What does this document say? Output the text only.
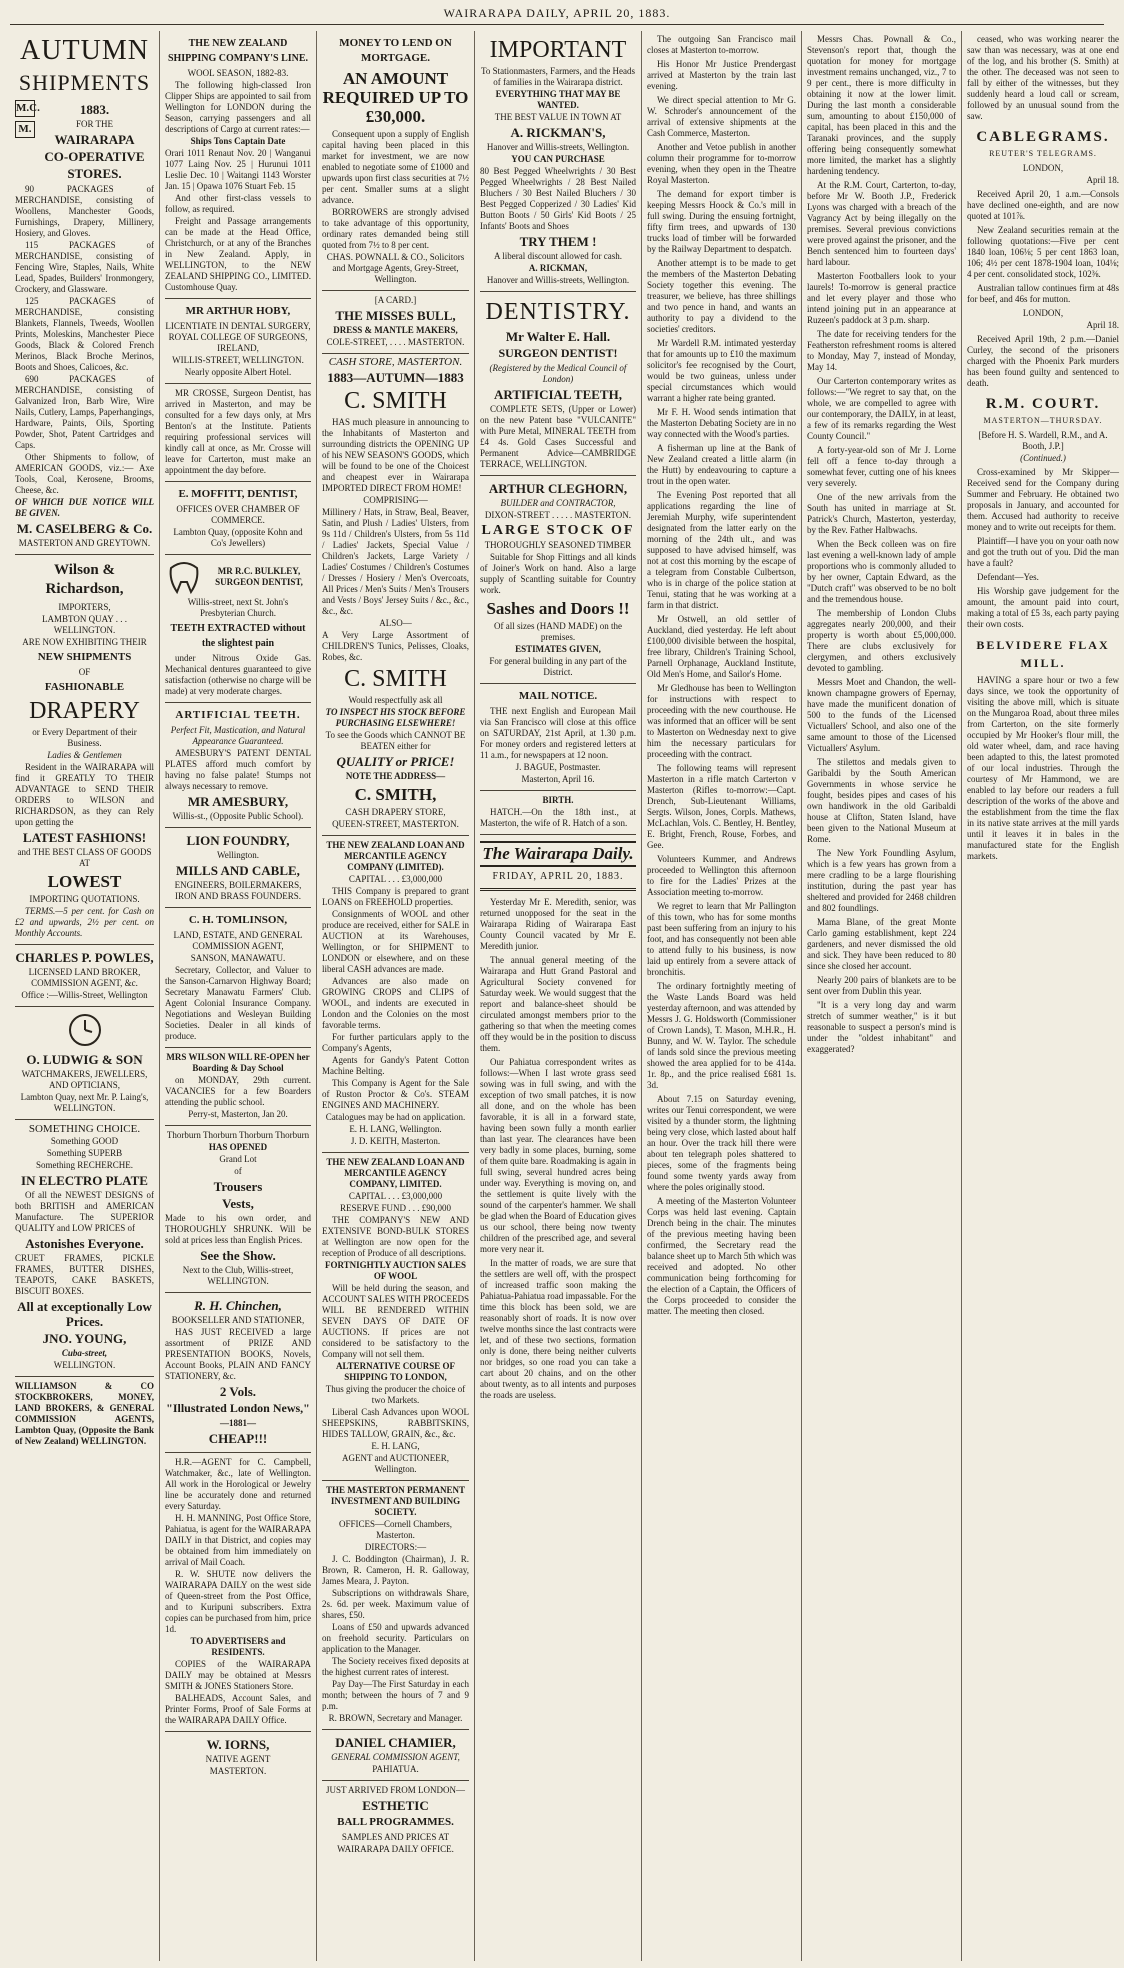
WAIRARAPA DAILY, APRIL 20, 1883.
AUTUMN
SHIPMENTS
M.C.
M.
1883.
FOR THE
WAIRARAPA
CO-OPERATIVE
STORES.

90 PACKAGES of MERCHANDISE, consisting of Woollens, Manchester Goods, Furnishings, Drapery, Millinery, Hosiery, and Gloves.

115 PACKAGES of MERCHANDISE, consisting of Fencing Wire, Staples, Nails, White Lead, Spades, Builders' Ironmongery, Crockery, and Glassware.

125 PACKAGES of MERCHANDISE, consisting Blankets, Flannels, Tweeds, Woollen Prints, Moleskins, Manchester Piece Goods, Black & Colored French Merinos, Black Broche Merinos, Boots and Shoes, Calicoes, &c.

690 PACKAGES of MERCHANDISE, consisting of Galvanized Iron, Barb Wire, Wire Nails, Cutlery, Lamps, Paperhangings, Hardware, Paints, Oils, Sporting Powder, Shot, Patent Cartridges and Caps.

Other Shipments to follow, of AMERICAN GOODS, viz.:— Axe Tools, Coal, Kerosene, Brooms, Cheese, &c.

OF WHICH DUE NOTICE WILL BE GIVEN.

M. CASELBERG & Co.
MASTERTON AND GREYTOWN.
Wilson & Richardson,
IMPORTERS,
LAMBTON QUAY . . . WELLINGTON.
ARE NOW EXHIBITING THEIR
NEW SHIPMENTS
OF
FASHIONABLE
DRAPERY
or Every Department of their Business.
Ladies & Gentlemen

Resident in the WAIRARAPA will find it GREATLY TO THEIR ADVANTAGE to SEND THEIR ORDERS to WILSON and RICHARDSON, as they can Rely upon getting the

LATEST FASHIONS!
and THE BEST CLASS OF GOODS AT
LOWEST
IMPORTING QUOTATIONS.

TERMS.—5 per cent. for Cash on £2 and upwards, 2½ per cent. on Monthly Accounts.

CHARLES P. POWLES,
LICENSED LAND BROKER, COMMISSION AGENT, &c.
Office :—Willis-Street, Wellington
O. LUDWIG & SON
WATCHMAKERS, JEWELLERS, AND OPTICIANS,
Lambton Quay, next Mr. P. Laing's, WELLINGTON.
SOMETHING CHOICE.
Something GOOD
Something SUPERB
Something RECHERCHE.
IN ELECTRO PLATE

Of all the NEWEST DESIGNS of both BRITISH and AMERICAN Manufacture. The SUPERIOR QUALITY and LOW PRICES of

Astonishes Everyone.

CRUET FRAMES, PICKLE FRAMES, BUTTER DISHES, TEAPOTS, CAKE BASKETS, BISCUIT BOXES.

All at exceptionally Low Prices.
JNO. YOUNG,
Cuba-street,
WELLINGTON.

WILLIAMSON & CO STOCKBROKERS, MONEY, LAND BROKERS, & GENERAL COMMISSION AGENTS, Lambton Quay, (Opposite the Bank of New Zealand) WELLINGTON.

THE NEW ZEALAND SHIPPING COMPANY'S LINE.
WOOL SEASON, 1882-83.

The following high-classed Iron Clipper Ships are appointed to sail from Wellington for LONDON during the Season, carrying passengers and all descriptions of Cargo at current rates:—

Ships Tons Captain Date

Orari 1011 Renaut Nov. 20 | Wanganui 1077 Laing Nov. 25 | Hurunui 1011 Leslie Dec. 10 | Waitangi 1143 Worster Jan. 15 | Opawa 1076 Stuart Feb. 15

And other first-class vessels to follow, as required.

Freight and Passage arrangements can be made at the Head Office, Christchurch, or at any of the Branches in New Zealand. Apply, in WELLINGTON, to the NEW ZEALAND SHIPPING CO., LIMITED. Customhouse Quay.

MR ARTHUR HOBY,
LICENTIATE IN DENTAL SURGERY, ROYAL COLLEGE OF SURGEONS, IRELAND,
WILLIS-STREET, WELLINGTON.
Nearly opposite Albert Hotel.

MR CROSSE, Surgeon Dentist, has arrived in Masterton, and may be consulted for a few days only, at Mrs Benton's at the Institute. Patients requiring professional services will kindly call at once, as Mr. Crosse will leave for Carterton, must make an appointment the day before.

E. MOFFITT, DENTIST,
OFFICES OVER CHAMBER OF COMMERCE.
Lambton Quay, (opposite Kohn and Co's Jewellers)
MR R.C. BULKLEY, SURGEON DENTIST,
Willis-street, next St. John's Presbyterian Church.
TEETH EXTRACTED without the slightest pain

under Nitrous Oxide Gas. Mechanical dentures guaranteed to give satisfaction (otherwise no charge will be made) at very moderate charges.

ARTIFICIAL TEETH.
Perfect Fit, Mastication, and Natural Appearance Guaranteed.

AMESBURY'S PATENT DENTAL PLATES afford much comfort by having no false palate! Stumps not always necessary to remove.

MR AMESBURY,
Willis-st., (Opposite Public School).
LION FOUNDRY,
Wellington.
MILLS AND CABLE,
ENGINEERS, BOILERMAKERS, IRON AND BRASS FOUNDERS.
C. H. TOMLINSON,
LAND, ESTATE, AND GENERAL COMMISSION AGENT,
SANSON, MANAWATU.

Secretary, Collector, and Valuer to the Sanson-Carnarvon Highway Board; Secretary Manawatu Farmers' Club. Agent Colonial Insurance Company. Negotiations and Wesleyan Building Societies. Dealer in all kinds of produce.

MRS WILSON WILL RE-OPEN her Boarding & Day School

on MONDAY, 29th current. VACANCIES for a few Boarders attending the public school.

Perry-st, Masterton, Jan 20.
Thorburn Thorburn Thorburn Thorburn
HAS OPENED
Grand Lot
of
Trousers
Vests,

Made to his own order, and THOROUGHLY SHRUNK. Will be sold at prices less than English Prices.

See the Show.
Next to the Club, Willis-street, WELLINGTON.
R. H. Chinchen,
BOOKSELLER AND STATIONER,

HAS JUST RECEIVED a large assortment of PRIZE AND PRESENTATION BOOKS, Novels, Account Books, PLAIN AND FANCY STATIONERY, &c.

2 Vols.
"Illustrated London News,"
—1881—
CHEAP!!!

H.R.—AGENT for C. Campbell, Watchmaker, &c., late of Wellington. All work in the Horological or Jewelry line be accurately done and returned every Saturday.

H. H. MANNING, Post Office Store, Pahiatua, is agent for the WAIRARAPA DAILY in that District, and copies may be obtained from him immediately on arrival of Mail Coach.

R. W. SHUTE now delivers the WAIRARAPA DAILY on the west side of Queen-street from the Post Office, and to Kuripuni subscribers. Extra copies can be purchased from him, price 1d.

TO ADVERTISERS and RESIDENTS.

COPIES of the WAIRARAPA DAILY may be obtained at Messrs SMITH & JONES Stationers Store.

BALHEADS, Account Sales, and Printer Forms, Proof of Sale Forms at the WAIRARAPA DAILY Office.

W. IORNS,
NATIVE AGENT
MASTERTON.
MONEY TO LEND ON MORTGAGE.
AN AMOUNT REQUIRED UP TO £30,000.

Consequent upon a supply of English capital having been placed in this market for investment, we are now enabled to negotiate some of £1000 and upwards upon first class securities at 7½ per cent. Smaller sums at a slight advance.

BORROWERS are strongly advised to take advantage of this opportunity, ordinary rates demanded being still quoted from 7½ to 8 per cent.

CHAS. POWNALL & CO., Solicitors and Mortgage Agents, Grey-Street, Wellington.
[A CARD.]
THE MISSES BULL,
DRESS & MANTLE MAKERS,
COLE-STREET, . . . . MASTERTON.
CASH STORE, MASTERTON.
1883—AUTUMN—1883
C. SMITH

HAS much pleasure in announcing to the Inhabitants of Masterton and surrounding districts the OPENING UP of his NEW SEASON'S GOODS, which will be found to be one of the Choicest and cheapest ever in Wairarapa IMPORTED DIRECT FROM HOME!

COMPRISING—

Millinery / Hats, in Straw, Beal, Beaver, Satin, and Plush / Ladies' Ulsters, from 9s 11d / Children's Ulsters, from 5s 11d / Ladies' Jackets, Special Value / Children's Jackets, Large Variety / Ladies' Costumes / Children's Costumes / Dresses / Hosiery / Men's Overcoats, All Prices / Men's Suits / Men's Trousers and Vests / Boys' Jersey Suits / &c., &c., &c., &c.

ALSO—

A Very Large Assortment of CHILDREN'S Tunics, Pelisses, Cloaks, Robes, &c.

C. SMITH
Would respectfully ask all
TO INSPECT HIS STOCK BEFORE PURCHASING ELSEWHERE!
To see the Goods which CANNOT BE BEATEN either for
QUALITY or PRICE!
NOTE THE ADDRESS—
C. SMITH,
CASH DRAPERY STORE,
QUEEN-STREET, MASTERTON.
THE NEW ZEALAND LOAN AND MERCANTILE AGENCY COMPANY (LIMITED).
CAPITAL . . . £3,000,000

THIS Company is prepared to grant LOANS on FREEHOLD properties.

Consignments of WOOL and other produce are received, either for SALE in AUCTION at its Warehouses, Wellington, or for SHIPMENT to LONDON or elsewhere, and on these liberal CASH advances are made.

Advances are also made on GROWING CROPS and CLIPS of WOOL, and indents are executed in London and the Colonies on the most favorable terms.

For further particulars apply to the Company's Agents,

Agents for Gandy's Patent Cotton Machine Belting.

This Company is Agent for the Sale of Ruston Proctor & Co's. STEAM ENGINES AND MACHINERY.

Catalogues may be had on application.
E. H. LANG, Wellington.
J. D. KEITH, Masterton.
THE NEW ZEALAND LOAN AND MERCANTILE AGENCY COMPANY, LIMITED.
CAPITAL . . . £3,000,000
RESERVE FUND . . . £90,000

THE COMPANY'S NEW AND EXTENSIVE BOND-BULK STORES at Wellington are now open for the reception of Produce of all descriptions.

FORTNIGHTLY AUCTION SALES OF WOOL

Will be held during the season, and ACCOUNT SALES WITH PROCEEDS WILL BE RENDERED WITHIN SEVEN DAYS OF DATE OF AUCTIONS. If prices are not considered to be satisfactory to the Company will not sell them.

ALTERNATIVE COURSE OF SHIPPING TO LONDON,
Thus giving the producer the choice of two Markets.

Liberal Cash Advances upon WOOL SHEEPSKINS, RABBITSKINS, HIDES TALLOW, GRAIN, &c., &c.

E. H. LANG,
AGENT and AUCTIONEER, Wellington.
THE MASTERTON PERMANENT INVESTMENT AND BUILDING SOCIETY.
OFFICES—Cornell Chambers, Masterton.
DIRECTORS:—

J. C. Boddington (Chairman), J. R. Brown, R. Cameron, H. R. Galloway, James Meara, J. Payton.

Subscriptions on withdrawals Share, 2s. 6d. per week. Maximum value of shares, £50.

Loans of £50 and upwards advanced on freehold security. Particulars on application to the Manager.

The Society receives fixed deposits at the highest current rates of interest.

Pay Day—The First Saturday in each month; between the hours of 7 and 9 p.m.

R. BROWN, Secretary and Manager.
DANIEL CHAMIER,
GENERAL COMMISSION AGENT,
PAHIATUA.
JUST ARRIVED FROM LONDON—
ESTHETIC
BALL PROGRAMMES.
SAMPLES AND PRICES AT
WAIRARAPA DAILY OFFICE.
IMPORTANT
To Stationmasters, Farmers, and the Heads of families in the Wairarapa district.
EVERYTHING THAT MAY BE WANTED.
THE BEST VALUE IN TOWN AT
A. RICKMAN'S,
Hanover and Willis-streets, Wellington.
YOU CAN PURCHASE

80 Best Pegged Wheelwrights / 30 Best Pegged Wheelwrights / 28 Best Nailed Bluchers / 30 Best Nailed Bluchers / 30 Best Pegged Copperized / 30 Ladies' Kid Button Boots / 50 Girls' Kid Boots / 25 Infants' Boots and Shoes

TRY THEM !
A liberal discount allowed for cash.
A. RICKMAN,
Hanover and Willis-streets, Wellington.
DENTISTRY.
Mr Walter E. Hall.
SURGEON DENTIST!
(Registered by the Medical Council of London)
ARTIFICIAL TEETH,

COMPLETE SETS, (Upper or Lower) on the new Patent base "VULCANITE" with Pure Metal, MINERAL TEETH from £4 4s. Gold Cases Successful and Permanent Advice—CAMBRIDGE TERRACE, WELLINGTON.

ARTHUR CLEGHORN,
BUILDER and CONTRACTOR,
DIXON-STREET . . . . . MASTERTON.
LARGE STOCK OF
THOROUGHLY SEASONED TIMBER

Suitable for Shop Fittings and all kinds of Joiner's Work on hand. Also a large supply of Scantling suitable for Country work.

Sashes and Doors !!
Of all sizes (HAND MADE) on the premises.
ESTIMATES GIVEN,
For general building in any part of the District.
MAIL NOTICE.

THE next English and European Mail via San Francisco will close at this office on SATURDAY, 21st April, at 1.30 p.m. For money orders and registered letters at 11 a.m., for newspapers at 12 noon.

J. BAGUE, Postmaster.
Masterton, April 16.
BIRTH.

HATCH.—On the 18th inst., at Masterton, the wife of R. Hatch of a son.

The Wairarapa Daily.
FRIDAY, APRIL 20, 1883.

Yesterday Mr E. Meredith, senior, was returned unopposed for the seat in the Wairarapa Riding of Wairarapa East County Council vacated by Mr E. Meredith junior.

The annual general meeting of the Wairarapa and Hutt Grand Pastoral and Agricultural Society convened for Saturday week. We would suggest that the report and balance-sheet should be circulated amongst members prior to the gathering so that when the meeting comes off they would be in the position to discuss them.

Our Pahiatua correspondent writes as follows:—When I last wrote grass seed sowing was in full swing, and with the exception of two small patches, it is now all done, and on the whole has been favorable, it is all in a forward state, having been sown fully a month earlier than last year. The clearances have been very badly in some places, burning, some of them quite bare. Roadmaking is again in full swing, several hundred acres being under way. Everything is moving on, and the settlement is quite lively with the sound of the carpenter's hammer. We shall be glad when the Board of Education gives us our school, there being now twenty children of the prescribed age, and several more very near it.

In the matter of roads, we are sure that the settlers are well off, with the prospect of increased traffic soon making the Pahiatua-Pahiatua road impassable. For the time this block has been sold, we are reasonably short of roads. It is now over twelve months since the last contracts were let, and of these two sections, formation only is done, there being neither culverts nor bridges, so one road you can take a cart about 20 chains, and on the other about twenty, as to all intents and purposes the roads are useless.

The outgoing San Francisco mail closes at Masterton to-morrow.

His Honor Mr Justice Prendergast arrived at Masterton by the train last evening.

We direct special attention to Mr G. W. Schroder's announcement of the arrival of extensive shipments at the Cash Commerce, Masterton.

Another and Vetoe publish in another column their programme for to-morrow evening, when they open in the Theatre Royal Masterton.

The demand for export timber is keeping Messrs Hoock & Co.'s mill in full swing. During the ensuing fortnight, fifty firm trees, and upwards of 130 trucks load of timber will be forwarded by the Railway Department to despatch.

Another attempt is to be made to get the members of the Masterton Debating Society together this evening. The treasurer, we believe, has three shillings and two pence in hand, and wants an authority to pay a dividend to the societies' creditors.

Mr Wardell R.M. intimated yesterday that for amounts up to £10 the maximum solicitor's fee recognised by the Court, would be two guineas, unless under special circumstances which would warrant a higher rate being granted.

Mr F. H. Wood sends intimation that the Masterton Debating Society are in no way connected with the Wood's parties.

A fisherman up line at the Bank of New Zealand created a little alarm (in the Hutt) by endeavouring to capture a trout in the open water.

The Evening Post reported that all applications regarding the line of Jeremiah Murphy, wife superintendent designated from the latter early on the morning of the 24th ult., and was supposed to have advised himself, was not at cost this morning by the escape of a telegram from Constable Culbertson, who is in charge of the police station at Tenui, stating that he was working at a farm in that district.

Mr Ostwell, an old settler of Auckland, died yesterday. He left about £100,000 divisible between the hospital, free library, Children's Training School, Parnell Orphanage, Auckland Institute, Old Men's Home, and Sailor's Home.

Mr Gledhouse has been to Wellington for instructions with respect to proceeding with the new courthouse. He was informed that an officer will be sent to Masterton on Wednesday next to give him the necessary particulars for proceeding with the contract.

The following teams will represent Masterton in a rifle match Carterton v Masterton (Rifles to-morrow:—Capt. Drench, Sub-Lieutenant Williams, Sergts. Wilson, Jones, Corpls. Mathews, McLachlan, Vols. C. Bentley, H. Bentley, E. Bright, French, Rouse, Forbes, and Gee.

Volunteers Kummer, and Andrews proceeded to Wellington this afternoon to fire for the Ladies' Prizes at the Association meeting to-morrow.

We regret to learn that Mr Pallington of this town, who has for some months past been suffering from an injury to his foot, and has consequently not been able to attend fully to his business, is now laid up entirely from a severe attack of bronchitis.

The ordinary fortnightly meeting of the Waste Lands Board was held yesterday afternoon, and was attended by Messrs J. G. Holdsworth (Commissioner of Crown Lands), T. Mason, M.H.R., H. Bunny, and W. W. Taylor. The schedule of lands sold since the previous meeting showed the area applied for to be 414a. 1r. 8p., and the price realised £681 1s. 3d.

About 7.15 on Saturday evening, writes our Tenui correspondent, we were visited by a thunder storm, the lightning being very close, which lasted about half an hour. Over the track hill there were about ten telegraph poles shattered to pieces, some of the fragments being found some twenty yards away from where the poles originally stood.

A meeting of the Masterton Volunteer Corps was held last evening. Captain Drench being in the chair. The minutes of the previous meeting having been confirmed, the Secretary read the balance sheet up to March 5th which was received and adopted. No other communication being forthcoming for the election of a Captain, the Officers of the Corps proceeded to consider the matter. The meeting then closed.

Messrs Chas. Pownall & Co., Stevenson's report that, though the quotation for money for mortgage investment remains unchanged, viz., 7 to 9 per cent., there is more difficulty in obtaining it now at the lower limit. During the last month a considerable sum, amounting to about £150,000 of capital, has been placed in this and the Taranaki provinces, and the supply offering being consequently somewhat more limited, the market has a slightly hardening tendency.

At the R.M. Court, Carterton, to-day, before Mr W. Booth J.P., Frederick Lyons was charged with a breach of the Vagrancy Act by being illegally on the premises. Several previous convictions were proved against the prisoner, and the Bench sentenced him to fourteen days' hard labour.

Masterton Footballers look to your laurels! To-morrow is general practice and let every player and those who intend joining put in an appearance at Ruzeen's paddock at 3 p.m. sharp.

The date for receiving tenders for the Featherston refreshment rooms is altered to Monday, May 7, instead of Monday, May 14.

Our Carterton contemporary writes as follows:—"We regret to say that, on the whole, we are compelled to agree with our contemporary, the DAILY, in at least, a few of its remarks regarding the West County Council."

A forty-year-old son of Mr J. Lorne fell off a fence to-day through a somewhat fever, cutting one of his knees very severely.

One of the new arrivals from the South has united in marriage at St. Patrick's Church, Masterton, yesterday, by the Rev. Father Halbwachs.

When the Beck colleen was on fire last evening a well-known lady of ample proportions who is commonly alluded to by her owner, Captain Edward, as the "Dutch craft" was observed to be no bolt and the tremendous house.

The membership of London Clubs aggregates nearly 200,000, and their property is worth about £5,000,000. There are clubs exclusively for clergymen, and others exclusively devoted to gambling.

Messrs Moet and Chandon, the well-known champagne growers of Epernay, have made the munificent donation of 500 to the funds of the Licensed Victuallers' School, and also one of the same amount to those of the Licensed Victuallers' Asylum.

The stilettos and medals given to Garibaldi by the South American Governments in whose service he fought, besides pipes and cases of his own handiwork in the old Garibaldi house at Clifton, Staten Island, have been given to the National Museum at Rome.

The New York Foundling Asylum, which is a few years has grown from a mere cradling to be a large flourishing institution, during the past year has sheltered and provided for 2468 children and 802 foundlings.

Mama Blane, of the great Monte Carlo gaming establishment, kept 224 gardeners, and never dismissed the old and sick. They have been reduced to 80 since she closed her account.

Nearly 200 pairs of blankets are to be sent over from Dublin this year.

"It is a very long day and warm stretch of summer weather," is it but reasonable to suspect a person's mind is under the "oldest inhabitant" and exaggerated?

ceased, who was working nearer the saw than was necessary, was at one end of the log, and his brother (S. Smith) at the other. The deceased was not seen to fall by either of the witnesses, but they suddenly heard a loud call or scream, followed by an unusual sound from the saw.

CABLEGRAMS.
REUTER'S TELEGRAMS.
LONDON,
April 18.

Received April 20, 1 a.m.—Consols have declined one-eighth, and are now quoted at 101⅞.

New Zealand securities remain at the following quotations:—Five per cent 1840 loan, 106⅛; 5 per cent 1863 loan, 106; 4½ per cent 1878-1904 loan, 104⅛; 4 per cent. consolidated stock, 102⅜.

Australian tallow continues firm at 48s for beef, and 46s for mutton.

LONDON,
April 18.

Received April 19th, 2 p.m.—Daniel Curley, the second of the prisoners charged with the Phoenix Park murders has been found guilty and sentenced to death.

R.M. COURT.
MASTERTON—THURSDAY.
[Before H. S. Wardell, R.M., and A. Booth, J.P.]
(Continued.)

Cross-examined by Mr Skipper—Received send for the Company during Summer and February. He obtained two proposals in January, and accounted for them. Accused had authority to receive money and to write out receipts for them.

Plaintiff—I have you on your oath now and got the truth out of you. Did the man have a fault?

Defendant—Yes.

His Worship gave judgement for the amount, the amount paid into court, making a total of £5 3s, each party paying their own costs.

BELVIDERE FLAX MILL.

HAVING a spare hour or two a few days since, we took the opportunity of visiting the above mill, which is situate on the Mungaroa Road, about three miles from Carterton, on the site formerly occupied by Mr Hooker's flour mill, the old water wheel, dam, and race having been adapted to this, the latest promoted of our local industries. Through the courtesy of Mr Hammond, we are enabled to lay before our readers a full description of the works of the above and the establishment from the time the flax in its native state arrives at the mill yards until it leaves it in bales in the manufactured state for the English markets.
